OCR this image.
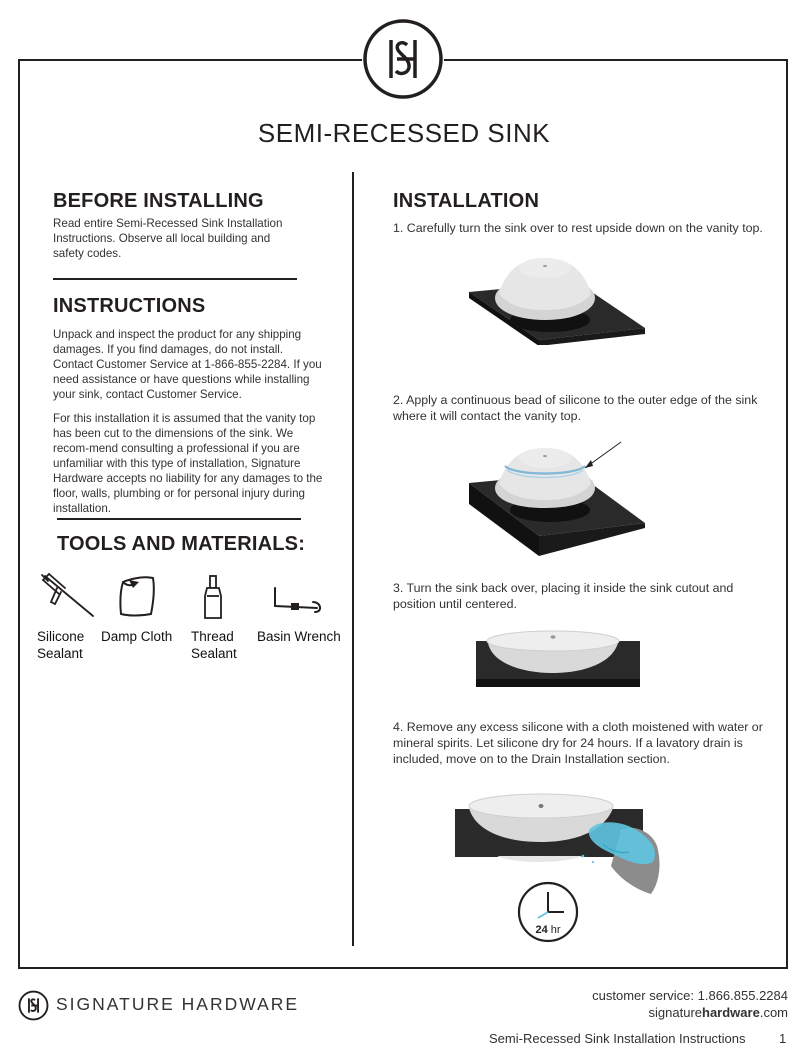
SEMI-RECESSED SINK
BEFORE INSTALLING

Read entire Semi-Recessed Sink Installation Instructions. Observe all local building and safety codes.

INSTRUCTIONS

Unpack and inspect the product for any shipping damages. If you find damages, do not install. Contact Customer Service at 1-866-855-2284. If you need assistance or have questions while installing your sink, contact Customer Service.

For this installation it is assumed that the vanity top has been cut to the dimensions of the sink. We recom-mend consulting a professional if you are unfamiliar with this type of installation, Signature Hardware accepts no liability for any damages to the floor, walls, plumbing or for personal injury during installation.

TOOLS AND MATERIALS:
Silicone
Sealant
Damp Cloth Thread
Sealant
Basin Wrench
INSTALLATION
1. Carefully turn the sink over to rest upside down on the vanity top.
2. Apply a continuous bead of silicone to the outer edge of the sink where it will contact the vanity top.
3. Turn the sink back over, placing it inside the sink cutout and position until centered.
4. Remove any excess silicone with a cloth moistened with water or mineral spirits. Let silicone dry for 24 hours. If a lavatory drain is included, move on to the Drain Installation section.
24 hr
SIGNATURE HARDWARE	customer service: 1.866.855.2284
signaturehardware.com
Semi-Recessed Sink Installation Instructions	1
